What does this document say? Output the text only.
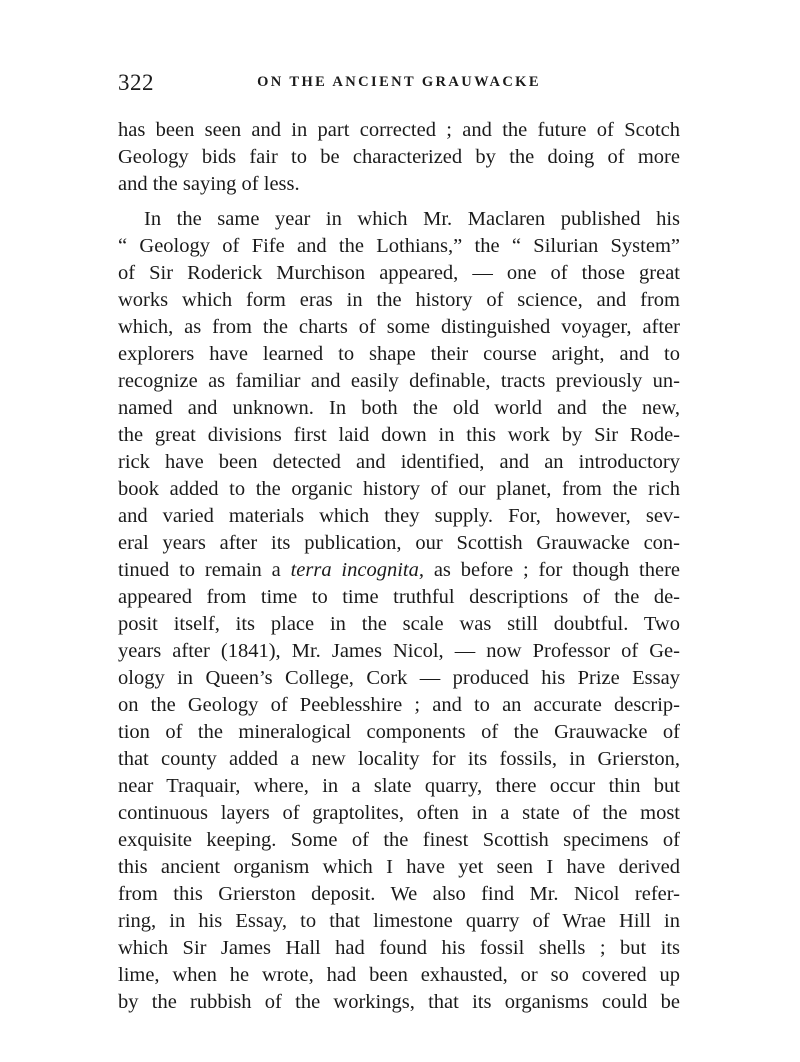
322	ON THE ANCIENT GRAUWACKE
has been seen and in part corrected ; and the future of Scotch
Geology bids fair to be characterized by the doing of more
and the saying of less.
In the same year in which Mr. Maclaren published his
“ Geology of Fife and the Lothians,” the “ Silurian System”
of Sir Roderick Murchison appeared, — one of those great
works which form eras in the history of science, and from
which, as from the charts of some distinguished voyager, after
explorers have learned to shape their course aright, and to
recognize as familiar and easily definable, tracts previously un-
named and unknown. In both the old world and the new,
the great divisions first laid down in this work by Sir Rode-
rick have been detected and identified, and an introductory
book added to the organic history of our planet, from the rich
and varied materials which they supply. For, however, sev-
eral years after its publication, our Scottish Grauwacke con-
tinued to remain a terra incognita, as before ; for though there
appeared from time to time truthful descriptions of the de-
posit itself, its place in the scale was still doubtful. Two
years after (1841), Mr. James Nicol, — now Professor of Ge-
ology in Queen’s College, Cork — produced his Prize Essay
on the Geology of Peeblesshire ; and to an accurate descrip-
tion of the mineralogical components of the Grauwacke of
that county added a new locality for its fossils, in Grierston,
near Traquair, where, in a slate quarry, there occur thin but
continuous layers of graptolites, often in a state of the most
exquisite keeping. Some of the finest Scottish specimens of
this ancient organism which I have yet seen I have derived
from this Grierston deposit. We also find Mr. Nicol refer-
ring, in his Essay, to that limestone quarry of Wrae Hill in
which Sir James Hall had found his fossil shells ; but its
lime, when he wrote, had been exhausted, or so covered up
by the rubbish of the workings, that its organisms could be
